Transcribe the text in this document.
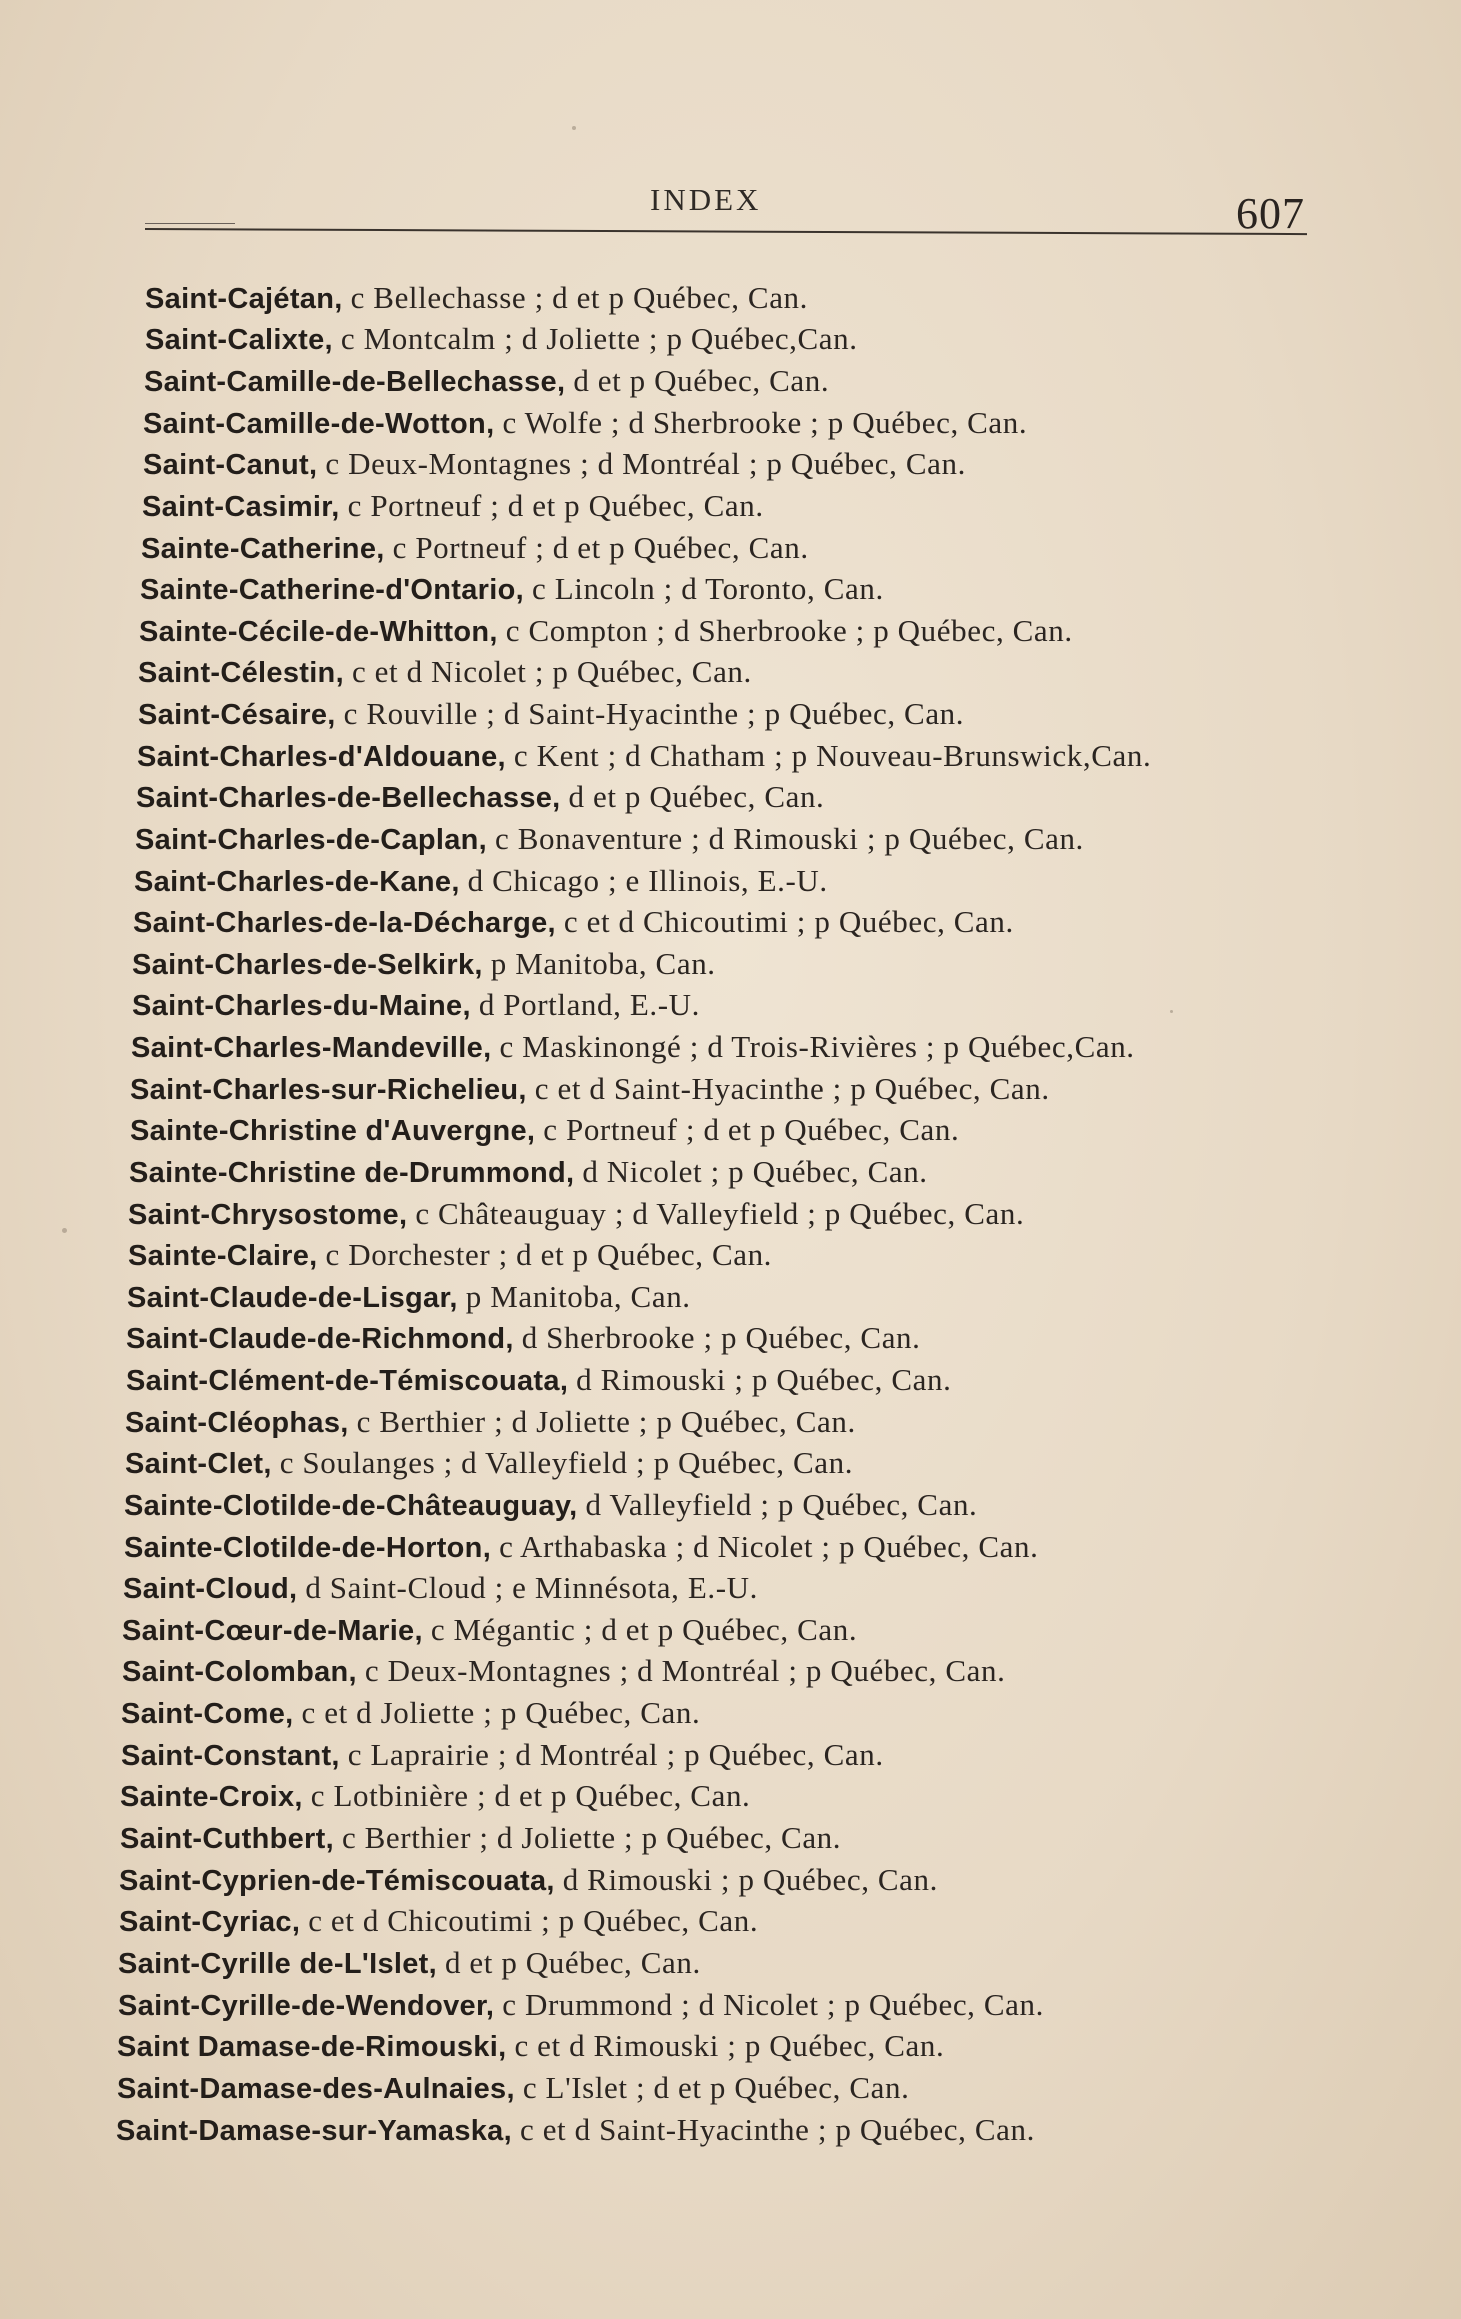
INDEX	607
Saint-Cajétan, c Bellechasse ; d et p Québec, Can.
Saint-Calixte, c Montcalm ; d Joliette ; p Québec,Can.
Saint-Camille-de-Bellechasse, d et p Québec, Can.
Saint-Camille-de-Wotton, c Wolfe ; d Sherbrooke ; p Québec, Can.
Saint-Canut, c Deux-Montagnes ; d Montréal ; p Québec, Can.
Saint-Casimir, c Portneuf ; d et p Québec, Can.
Sainte-Catherine, c Portneuf ; d et p Québec, Can.
Sainte-Catherine-d'Ontario, c Lincoln ; d Toronto, Can.
Sainte-Cécile-de-Whitton, c Compton ; d Sherbrooke ; p Québec, Can.
Saint-Célestin, c et d Nicolet ; p Québec, Can.
Saint-Césaire, c Rouville ; d Saint-Hyacinthe ; p Québec, Can.
Saint-Charles-d'Aldouane, c Kent ; d Chatham ; p Nouveau-Brunswick,Can.
Saint-Charles-de-Bellechasse, d et p Québec, Can.
Saint-Charles-de-Caplan, c Bonaventure ; d Rimouski ; p Québec, Can.
Saint-Charles-de-Kane, d Chicago ; e Illinois, E.-U.
Saint-Charles-de-la-Décharge, c et d Chicoutimi ; p Québec, Can.
Saint-Charles-de-Selkirk, p Manitoba, Can.
Saint-Charles-du-Maine, d Portland, E.-U.
Saint-Charles-Mandeville, c Maskinongé ; d Trois-Rivières ; p Québec,Can.
Saint-Charles-sur-Richelieu, c et d Saint-Hyacinthe ; p Québec, Can.
Sainte-Christine d'Auvergne, c Portneuf ; d et p Québec, Can.
Sainte-Christine de-Drummond, d Nicolet ; p Québec, Can.
Saint-Chrysostome, c Châteauguay ; d Valleyfield ; p Québec, Can.
Sainte-Claire, c Dorchester ; d et p Québec, Can.
Saint-Claude-de-Lisgar, p Manitoba, Can.
Saint-Claude-de-Richmond, d Sherbrooke ; p Québec, Can.
Saint-Clément-de-Témiscouata, d Rimouski ; p Québec, Can.
Saint-Cléophas, c Berthier ; d Joliette ; p Québec, Can.
Saint-Clet, c Soulanges ; d Valleyfield ; p Québec, Can.
Sainte-Clotilde-de-Châteauguay, d Valleyfield ; p Québec, Can.
Sainte-Clotilde-de-Horton, c Arthabaska ; d Nicolet ; p Québec, Can.
Saint-Cloud, d Saint-Cloud ; e Minnésota, E.-U.
Saint-Cœur-de-Marie, c Mégantic ; d et p Québec, Can.
Saint-Colomban, c Deux-Montagnes ; d Montréal ; p Québec, Can.
Saint-Come, c et d Joliette ; p Québec, Can.
Saint-Constant, c Laprairie ; d Montréal ; p Québec, Can.
Sainte-Croix, c Lotbinière ; d et p Québec, Can.
Saint-Cuthbert, c Berthier ; d Joliette ; p Québec, Can.
Saint-Cyprien-de-Témiscouata, d Rimouski ; p Québec, Can.
Saint-Cyriac, c et d Chicoutimi ; p Québec, Can.
Saint-Cyrille de-L'Islet, d et p Québec, Can.
Saint-Cyrille-de-Wendover, c Drummond ; d Nicolet ; p Québec, Can.
Saint Damase-de-Rimouski, c et d Rimouski ; p Québec, Can.
Saint-Damase-des-Aulnaies, c L'Islet ; d et p Québec, Can.
Saint-Damase-sur-Yamaska, c et d Saint-Hyacinthe ; p Québec, Can.
